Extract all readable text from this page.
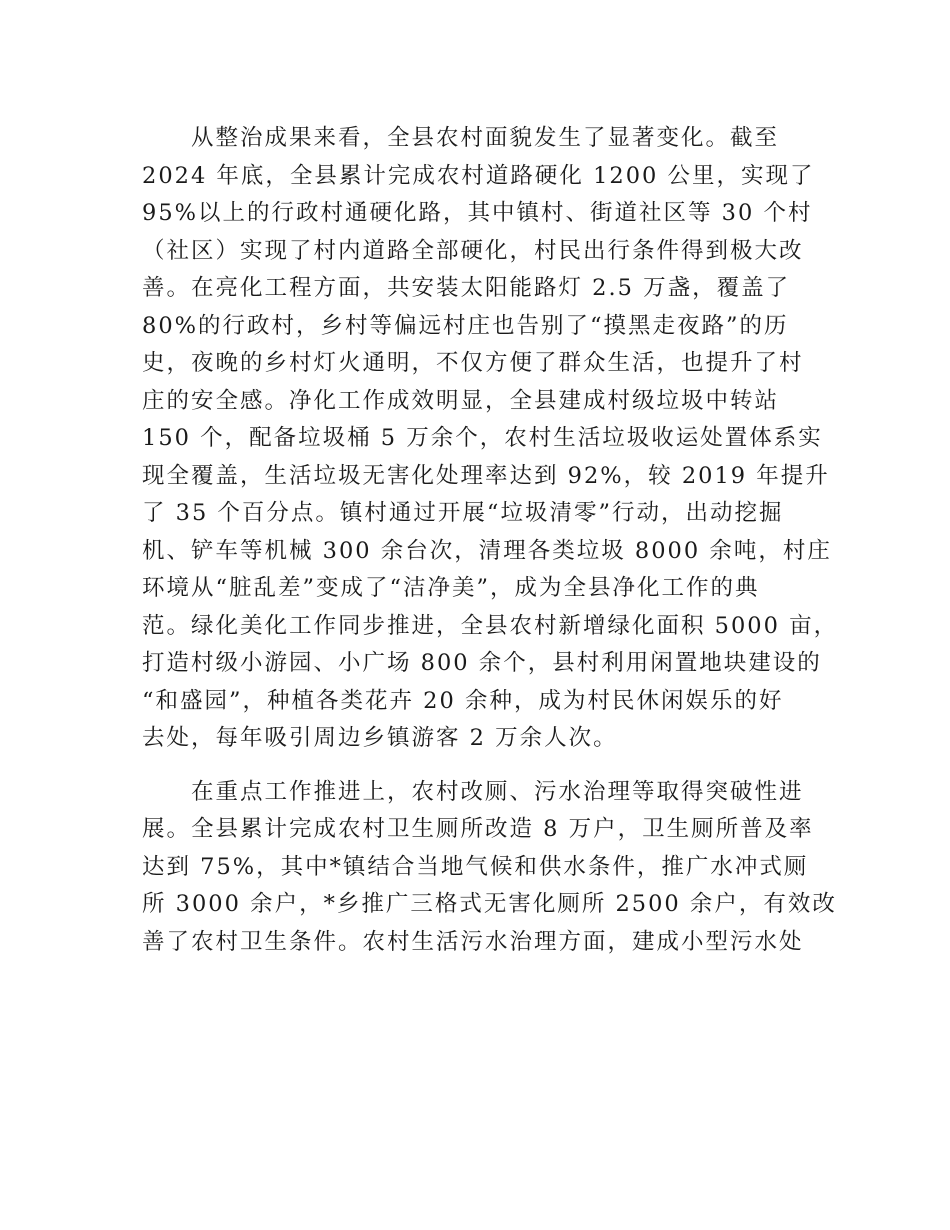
从整治成果来看，全县农村面貌发生了显著变化。截至
2024 年底，全县累计完成农村道路硬化 1200 公里，实现了
95%以上的行政村通硬化路，其中镇村、街道社区等 30 个村
（社区）实现了村内道路全部硬化，村民出行条件得到极大改
善。在亮化工程方面，共安装太阳能路灯 2.5 万盏，覆盖了
80%的行政村，乡村等偏远村庄也告别了“摸黑走夜路”的历
史，夜晚的乡村灯火通明，不仅方便了群众生活，也提升了村
庄的安全感。净化工作成效明显，全县建成村级垃圾中转站
150 个，配备垃圾桶 5 万余个，农村生活垃圾收运处置体系实
现全覆盖，生活垃圾无害化处理率达到 92%，较 2019 年提升
了 35 个百分点。镇村通过开展“垃圾清零”行动，出动挖掘
机、铲车等机械 300 余台次，清理各类垃圾 8000 余吨，村庄
环境从“脏乱差”变成了“洁净美”，成为全县净化工作的典
范。绿化美化工作同步推进，全县农村新增绿化面积 5000 亩，
打造村级小游园、小广场 800 余个，县村利用闲置地块建设的
“和盛园”，种植各类花卉 20 余种，成为村民休闲娱乐的好
去处，每年吸引周边乡镇游客 2 万余人次。
在重点工作推进上，农村改厕、污水治理等取得突破性进
展。全县累计完成农村卫生厕所改造 8 万户，卫生厕所普及率
达到 75%，其中*镇结合当地气候和供水条件，推广水冲式厕
所 3000 余户，*乡推广三格式无害化厕所 2500 余户，有效改
善了农村卫生条件。农村生活污水治理方面，建成小型污水处
